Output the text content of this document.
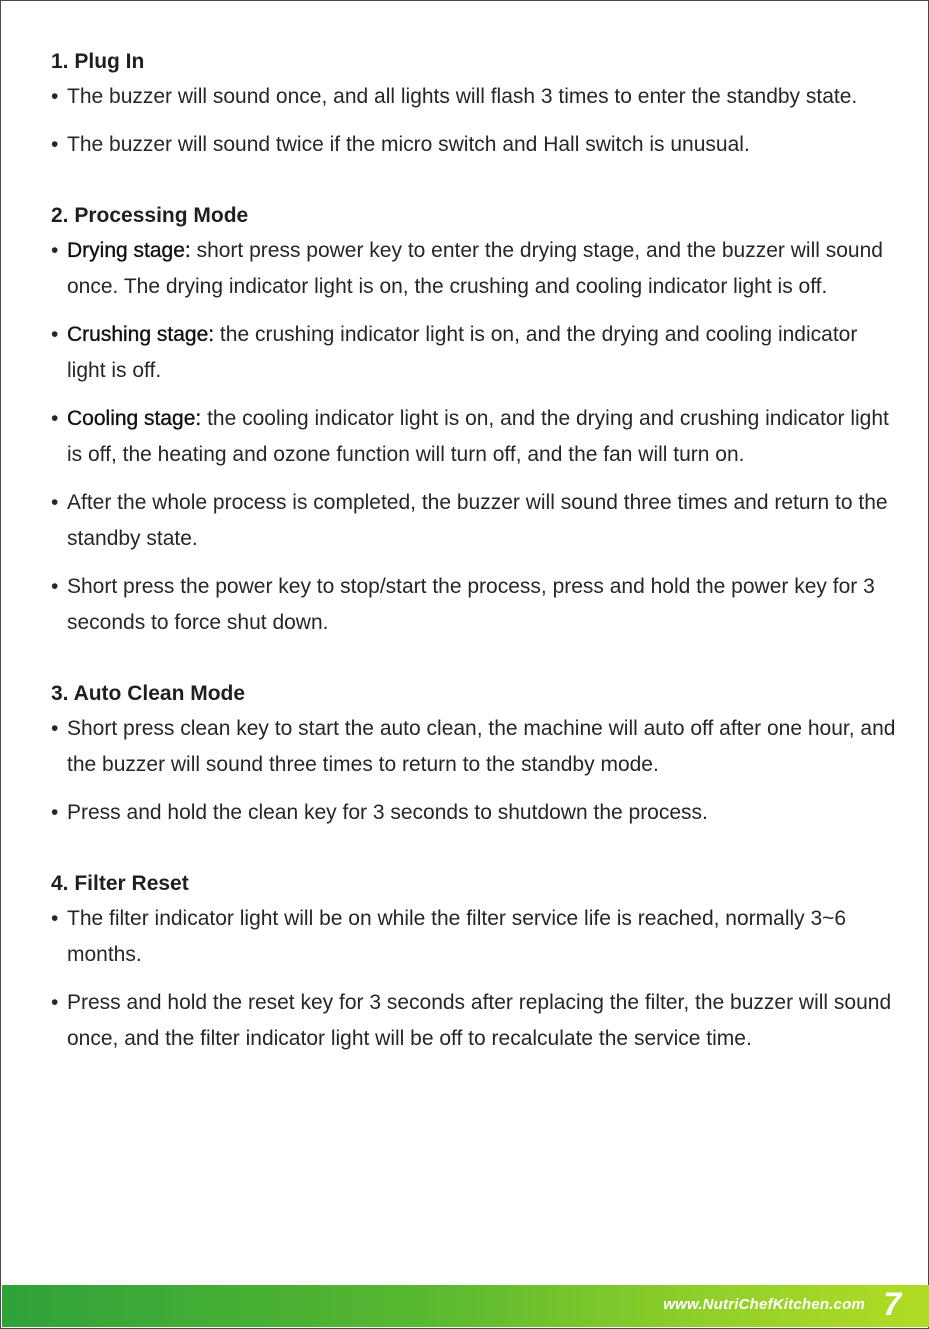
1. Plug In
• The buzzer will sound once, and all lights will flash 3 times to enter the standby state.
• The buzzer will sound twice if the micro switch and Hall switch is unusual.
2. Processing Mode
• Drying stage: short press power key to enter the drying stage, and the buzzer will sound once. The drying indicator light is on, the crushing and cooling indicator light is off.
• Crushing stage: the crushing indicator light is on, and the drying and cooling indicator light is off.
• Cooling stage: the cooling indicator light is on, and the drying and crushing indicator light is off, the heating and ozone function will turn off, and the fan will turn on.
• After the whole process is completed, the buzzer will sound three times and return to the standby state.
• Short press the power key to stop/start the process, press and hold the power key for 3 seconds to force shut down.
3. Auto Clean Mode
• Short press clean key to start the auto clean, the machine will auto off after one hour, and the buzzer will sound three times to return to the standby mode.
• Press and hold the clean key for 3 seconds to shutdown the process.
4. Filter Reset
• The filter indicator light will be on while the filter service life is reached, normally 3~6 months.
• Press and hold the reset key for 3 seconds after replacing the filter, the buzzer will sound once, and the filter indicator light will be off to recalculate the service time.
www.NutriChefKitchen.com 7
